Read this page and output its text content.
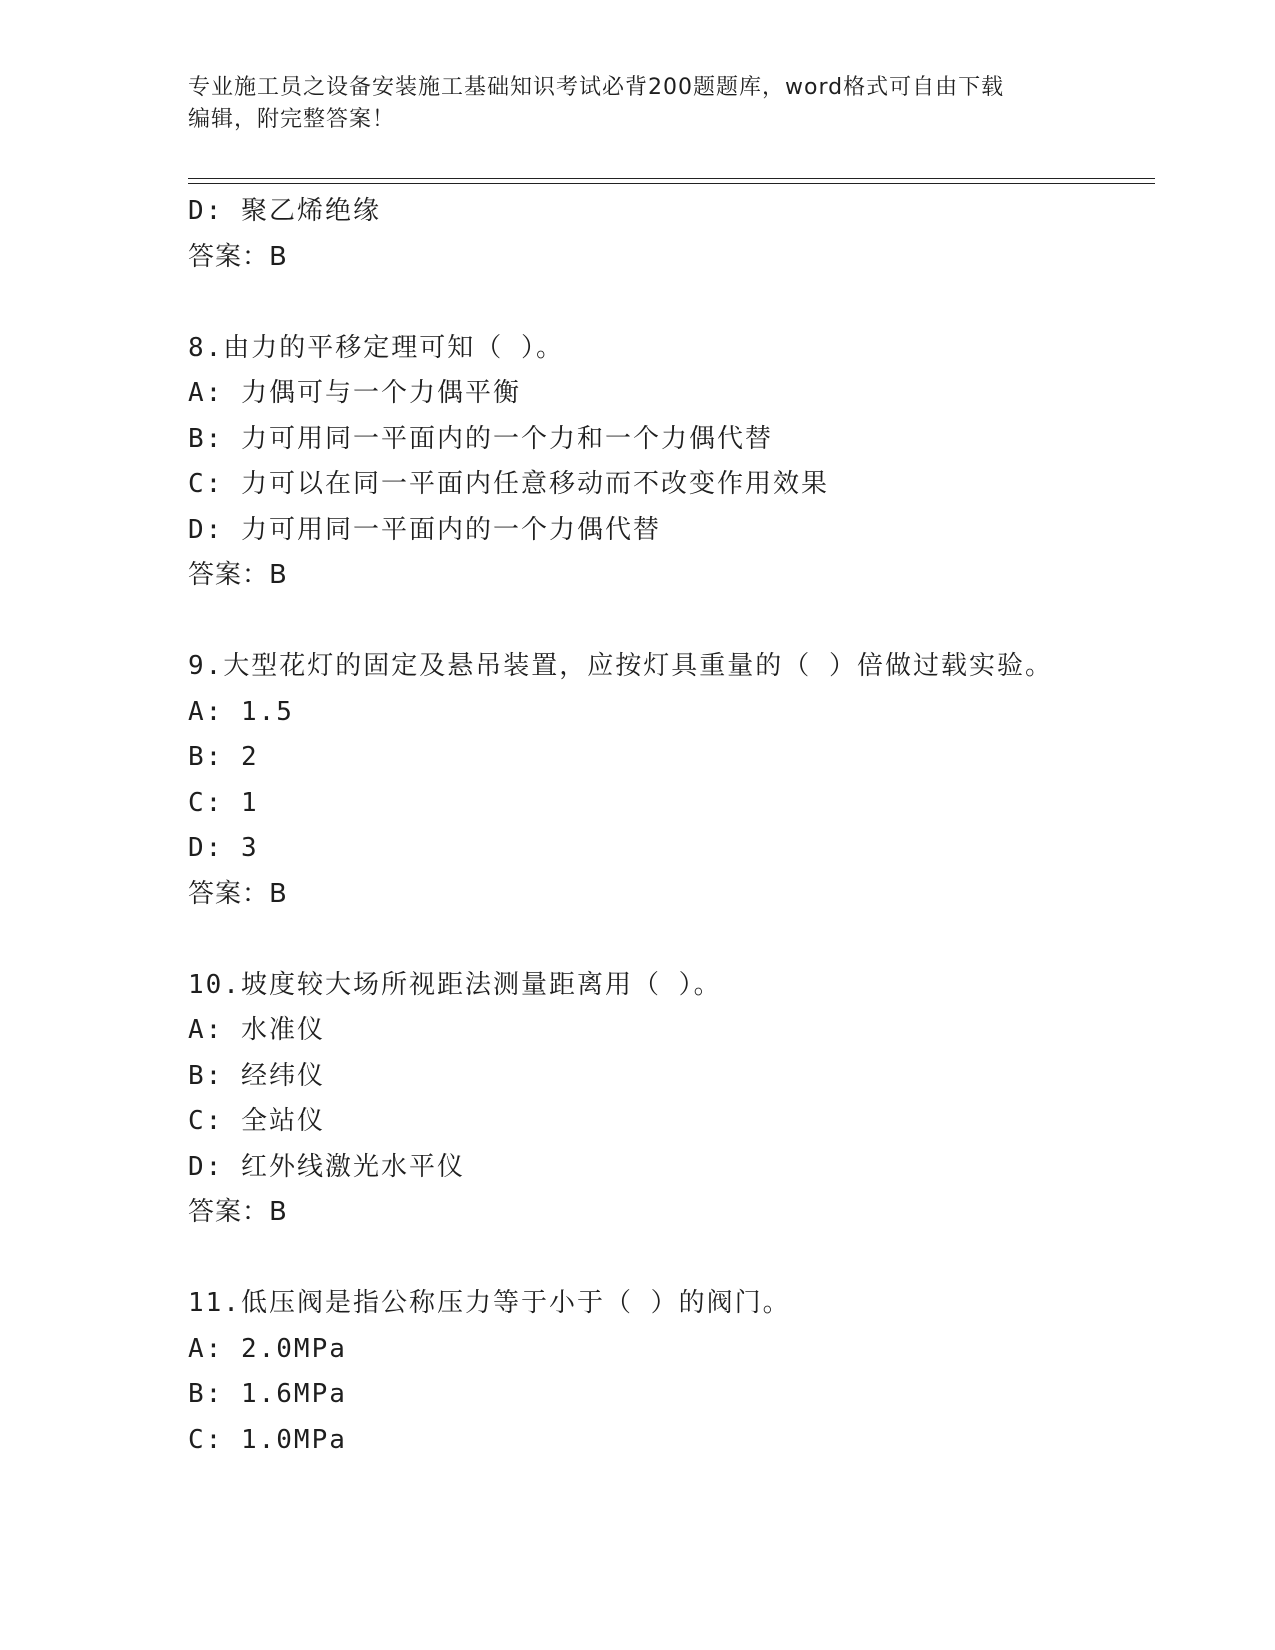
专业施工员之设备安装施工基础知识考试必背200题题库，word格式可自由下载
编辑，附完整答案！
D: 聚乙烯绝缘
答案：B
8.由力的平移定理可知（ ）。
A: 力偶可与一个力偶平衡
B: 力可用同一平面内的一个力和一个力偶代替
C: 力可以在同一平面内任意移动而不改变作用效果
D: 力可用同一平面内的一个力偶代替
答案：B
9.大型花灯的固定及悬吊装置，应按灯具重量的（ ）倍做过载实验。
A: 1.5
B: 2
C: 1
D: 3
答案：B
10.坡度较大场所视距法测量距离用（ ）。
A: 水准仪
B: 经纬仪
C: 全站仪
D: 红外线激光水平仪
答案：B
11.低压阀是指公称压力等于小于（ ）的阀门。
A: 2.0MPa
B: 1.6MPa
C: 1.0MPa
